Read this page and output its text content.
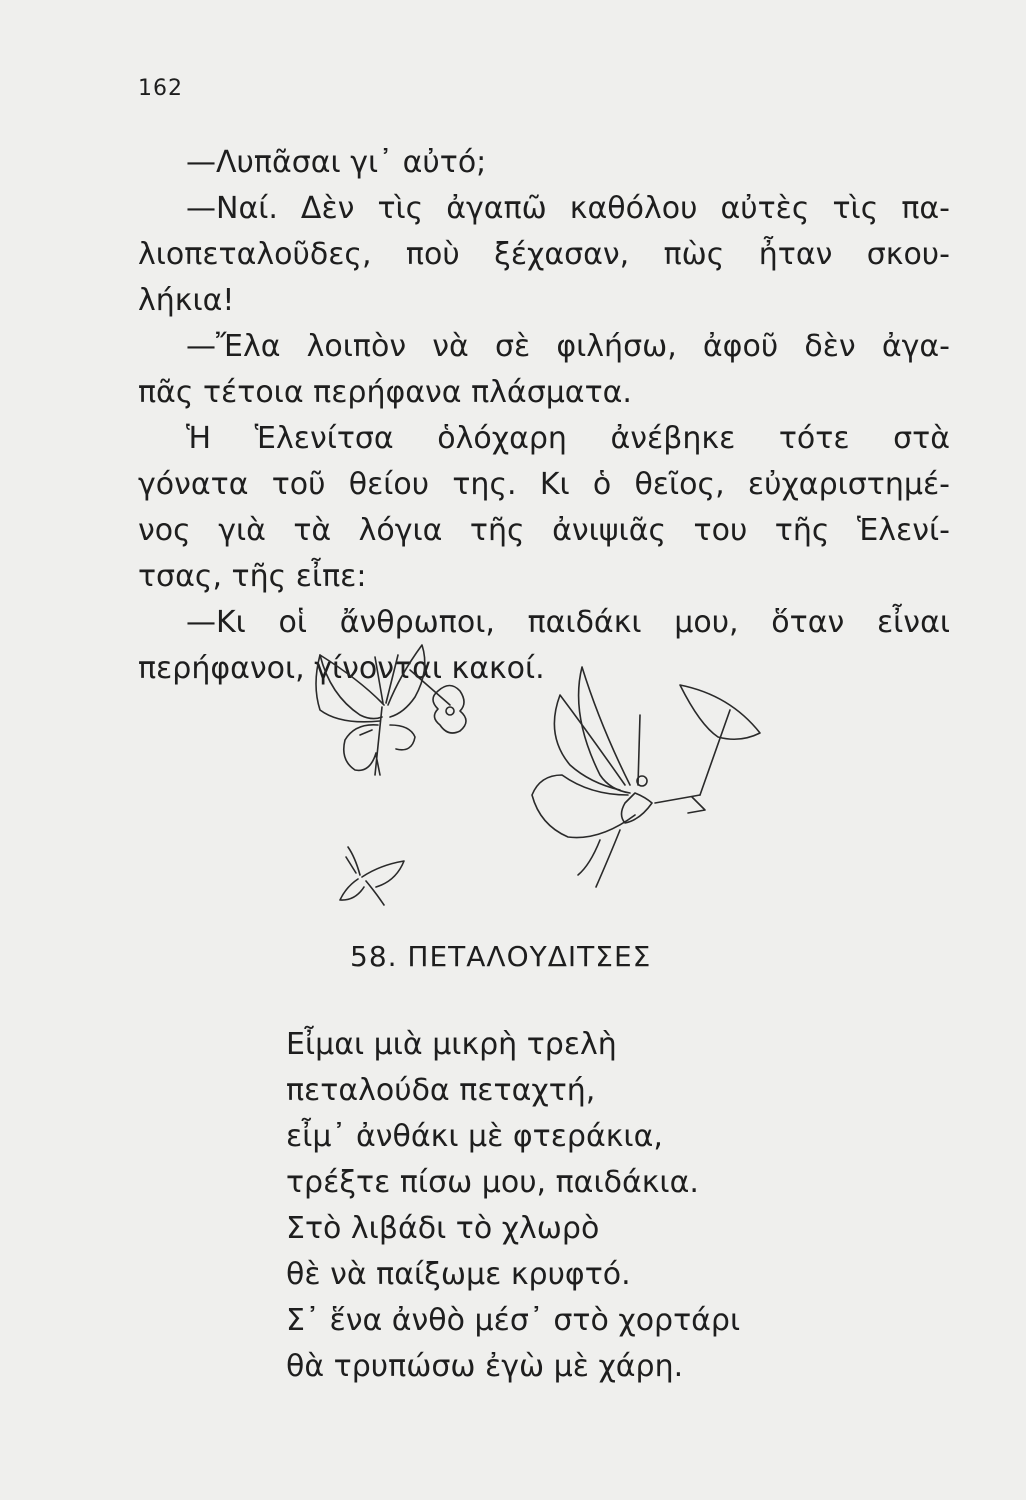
162
—Λυπᾶσαι γι᾽ αὐτό;
—Ναί. Δὲν τὶς ἀγαπῶ καθόλου αὐτὲς τὶς πα-
λιοπεταλοῦδες, ποὺ ξέχασαν, πὼς ἦταν σκου-
λήκια!
—Ἔλα λοιπὸν νὰ σὲ φιλήσω, ἀφοῦ δὲν ἀγα-
πᾶς τέτοια περήφανα πλάσματα.
Ἡ Ἑλενίτσα ὁλόχαρη ἀνέβηκε τότε στὰ
γόνατα τοῦ θείου της. Κι ὁ θεῖος, εὐχαριστημέ-
νος γιὰ τὰ λόγια τῆς ἀνιψιᾶς του τῆς Ἑλενί-
τσας, τῆς εἶπε:
—Κι οἱ ἄνθρωποι, παιδάκι μου, ὅταν εἶναι
περήφανοι, γίνονται κακοί.
58. ΠΕΤΑΛΟΥΔΙΤΣΕΣ
Εἶμαι μιὰ μικρὴ τρελὴ
πεταλούδα πεταχτή,
εἶμ᾽ ἀνθάκι μὲ φτεράκια,
τρέξτε πίσω μου, παιδάκια.
Στὸ λιβάδι τὸ χλωρὸ
θὲ νὰ παίξωμε κρυφτό.
Σ᾽ ἕνα ἀνθὸ μέσ᾽ στὸ χορτάρι
θὰ τρυπώσω ἐγὼ μὲ χάρη.
